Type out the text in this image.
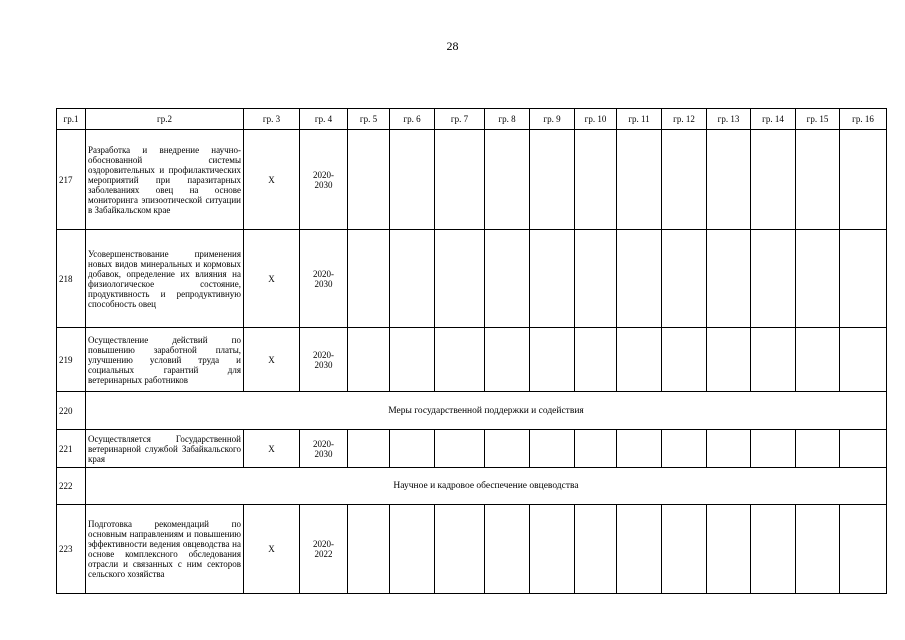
28
гр.1	гр.2	гр. 3	гр. 4	гр. 5	гр. 6	гр. 7	гр. 8	гр. 9	гр. 10	гр. 11	гр. 12	гр. 13	гр. 14	гр. 15	гр. 16
217	Разработка и внедрение научно-обоснованной системы оздоровительных и профилактических мероприятий при паразитарных заболеваниях овец на основе мониторинга эпизоотической ситуации в Забайкальском крае	X	2020-
2030												
218	Усовершенствование применения новых видов минеральных и кормовых добавок, определение их влияния на физиологическое состояние, продуктивность и репродуктивную способность овец	X	2020-
2030												
219	Осуществление действий по повышению заработной платы, улучшению условий труда и социальных гарантий для ветеринарных работников	X	2020-
2030												
220	Меры государственной поддержки и содействия														
221	Осуществляется Государственной ветеринарной службой Забайкальского края	X	2020-
2030												
222	Научное и кадровое обеспечение овцеводства														
223	Подготовка рекомендаций по основным направлениям и повышению эффективности ведения овцеводства на основе комплексного обследования отрасли и связанных с ним секторов сельского хозяйства	X	2020-
2022												
